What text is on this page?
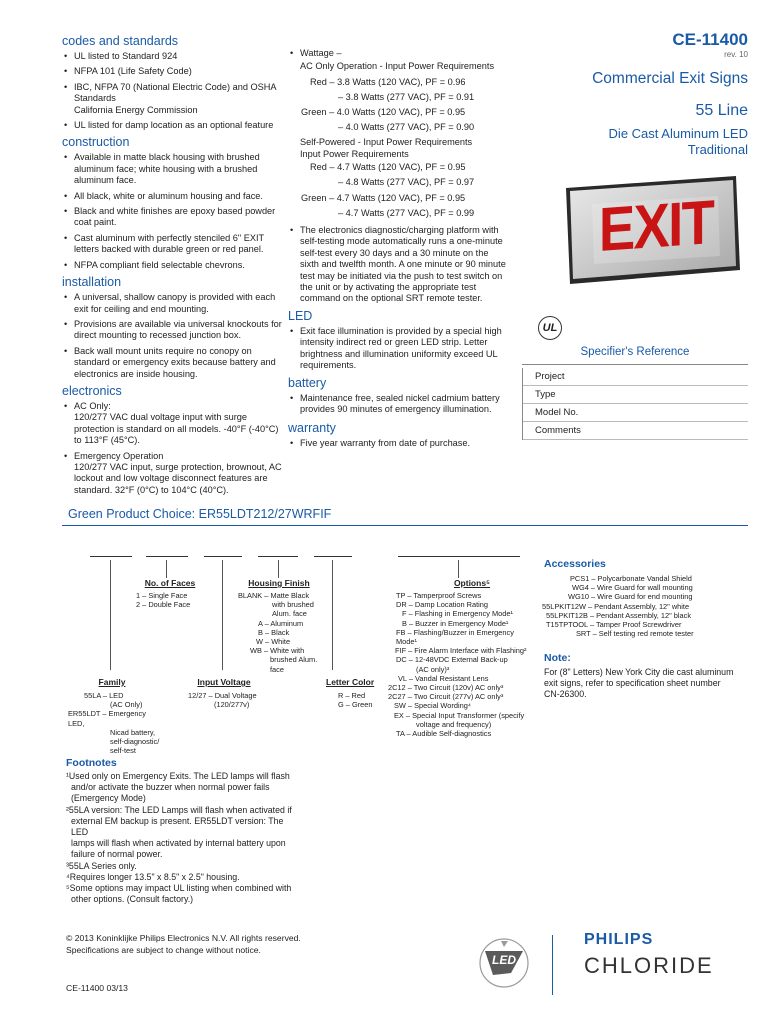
codes and standards
• UL listed to Standard 924
• NFPA 101 (Life Safety Code)
• IBC, NFPA 70 (National Electric Code) and OSHA Standards
California Energy Commission
• UL listed for damp location as an optional feature
construction
• Available in matte black housing with brushed aluminum face; white housing with a brushed aluminum face.
• All black, white or aluminum housing and face.
• Black and white finishes are epoxy based powder coat paint.
• Cast aluminum with perfectly stenciled 6" EXIT letters backed with durable green or red panel.
• NFPA compliant field selectable chevrons.
installation
• A universal, shallow canopy is provided with each exit for ceiling and end mounting.
• Provisions are available via universal knockouts for direct mounting to recessed junction box.
• Back wall mount units require no conopy on standard or emergency exits because battery and electronics are inside housing.
electronics
• AC Only:
120/277 VAC dual voltage input with surge protection is standard on all models. -40°F (-40°C) to 113°F (45°C).
• Emergency Operation
120/277 VAC input, surge protection, brownout, AC lockout and low voltage disconnect features are standard. 32°F (0°C) to 104°C (40°C).
• Wattage –
AC Only Operation - Input Power Requirements
Red – 3.8 Watts (120 VAC), PF = 0.96
– 3.8 Watts (277 VAC), PF = 0.91
Green – 4.0 Watts (120 VAC), PF = 0.95
– 4.0 Watts (277 VAC), PF = 0.90
Self-Powered - Input Power Requirements
Input Power Requirements
Red – 4.7 Watts (120 VAC), PF = 0.95
– 4.8 Watts (277 VAC), PF = 0.97
Green – 4.7 Watts (120 VAC), PF = 0.95
– 4.7 Watts (277 VAC), PF = 0.99
• The electronics diagnostic/charging platform with self-testing mode automatically runs a one-minute self-test every 30 days and a 30 minute on the sixth and twelfth month. A one minute or 90 minute test may be initiated via the push to test switch on the unit or by activating the appropriate test command on the optional SRT remote tester.
LED
• Exit face illumination is provided by a special high intensity indirect red or green LED strip. Letter brightness and illumination uniformity exceed UL requirements.
battery
• Maintenance free, sealed nickel cadmium battery provides 90 minutes of emergency illumination.
warranty
• Five year warranty from date of purchase.
CE-11400
rev. 10
Commercial Exit Signs
55 Line
Die Cast Aluminum LED
Traditional
EXIT
UL
Specifier's Reference
Project
Type
Model No.
Comments
Green Product Choice: ER55LDT212/27WRFIF
No. of Faces
1 – Single Face
2 – Double Face
Housing Finish
BLANK – Matte Black
with brushed
Alum. face
A – Aluminum
B – Black
W – White
WB – White with
brushed Alum.
face
Options⁵
TP – Tamperproof Screws
DR – Damp Location Rating
F – Flashing in Emergency Mode¹
B – Buzzer in Emergency Mode¹
FB – Flashing/Buzzer in Emergency Mode¹
FIF – Fire Alarm Interface with Flashing²
DC – 12-48VDC External Back-up
(AC only)³
VL – Vandal Resistant Lens
2C12 – Two Circuit (120v) AC only³
2C27 – Two Circuit (277v) AC only³
SW – Special Wording⁴
EX – Special Input Transformer (specify
voltage and frequency)
TA – Audible Self-diagnostics
Family
55LA – LED
(AC Only)
ER55LDT – Emergency LED,
Nicad battery,
self-diagnostic/
self-test
Input Voltage
12/27 – Dual Voltage
(120/277v)
Letter Color
R – Red
G – Green
Accessories
PCS1 – Polycarbonate Vandal Shield
WG4 – Wire Guard for wall mounting
WG10 – Wire Guard for end mounting
55LPKIT12W – Pendant Assembly, 12" white
55LPKIT12B – Pendant Assembly, 12" black
T15TPTOOL – Tamper Proof Screwdriver
SRT – Self testing red remote tester
Note:
For (8" Letters) New York City die cast aluminum exit signs, refer to specification sheet number CN-26300.
Footnotes
¹Used only on Emergency Exits. The LED lamps will flash
and/or activate the buzzer when normal power fails
(Emergency Mode)
²55LA version: The LED Lamps will flash when activated if
external EM backup is present. ER55LDT version: The LED
lamps will flash when activated by internal battery upon
failure of normal power.
³55LA Series only.
⁴Requires longer 13.5" x 8.5" x 2.5" housing.
⁵Some options may impact UL listing when combined with
other options. (Consult factory.)
© 2013 Koninklijke Philips Electronics N.V. All rights reserved.
Specifications are subject to change without notice.
CE-11400 03/13
LED
PHILIPS
CHLORIDE
